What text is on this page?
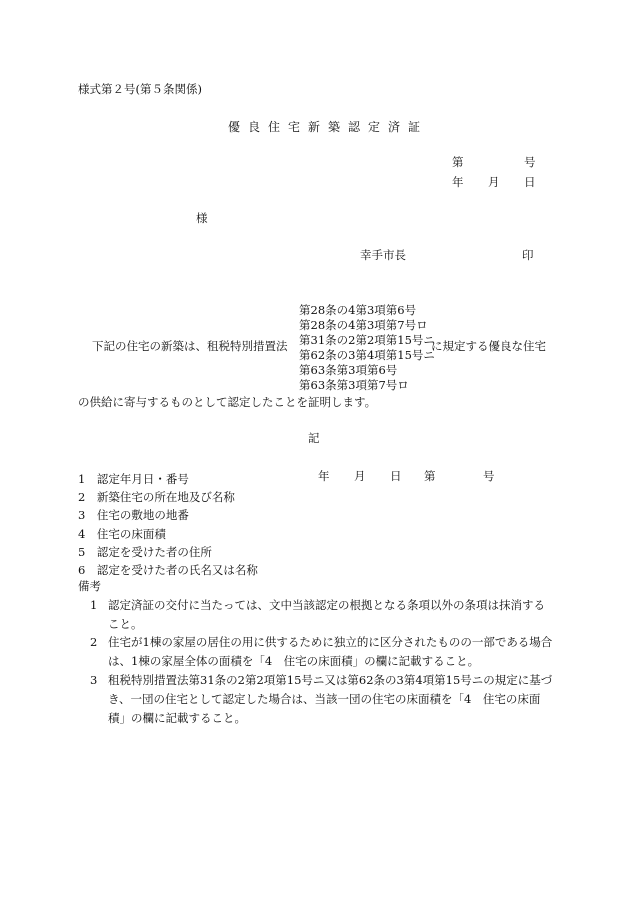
様式第２号(第５条関係)
優良住宅新築認定済証
第	号
年 月 日
様
幸手市長	印
下記の住宅の新築は、租税特別措置法
第28条の4第3項第6号
第28条の4第3項第7号ロ
第31条の2第2項第15号ニ
第62条の3第4項第15号ニ
第63条第3項第6号
第63条第3項第7号ロ
に規定する優良な住宅
の供給に寄与するものとして認定したことを証明します。
記
1　認定年月日・番号	年 月 日 第	号
2　新築住宅の所在地及び名称
3　住宅の敷地の地番
4　住宅の床面積
5　認定を受けた者の住所
6　認定を受けた者の氏名又は名称
備考
1 認定済証の交付に当たっては、文中当該認定の根拠となる条項以外の条項は抹消すること。
2 住宅が1棟の家屋の居住の用に供するために独立的に区分されたものの一部である場合は、1棟の家屋全体の面積を「4　住宅の床面積」の欄に記載すること。
3 租税特別措置法第31条の2第2項第15号ニ又は第62条の3第4項第15号ニの規定に基づき、一団の住宅として認定した場合は、当該一団の住宅の床面積を「4　住宅の床面積」の欄に記載すること。
